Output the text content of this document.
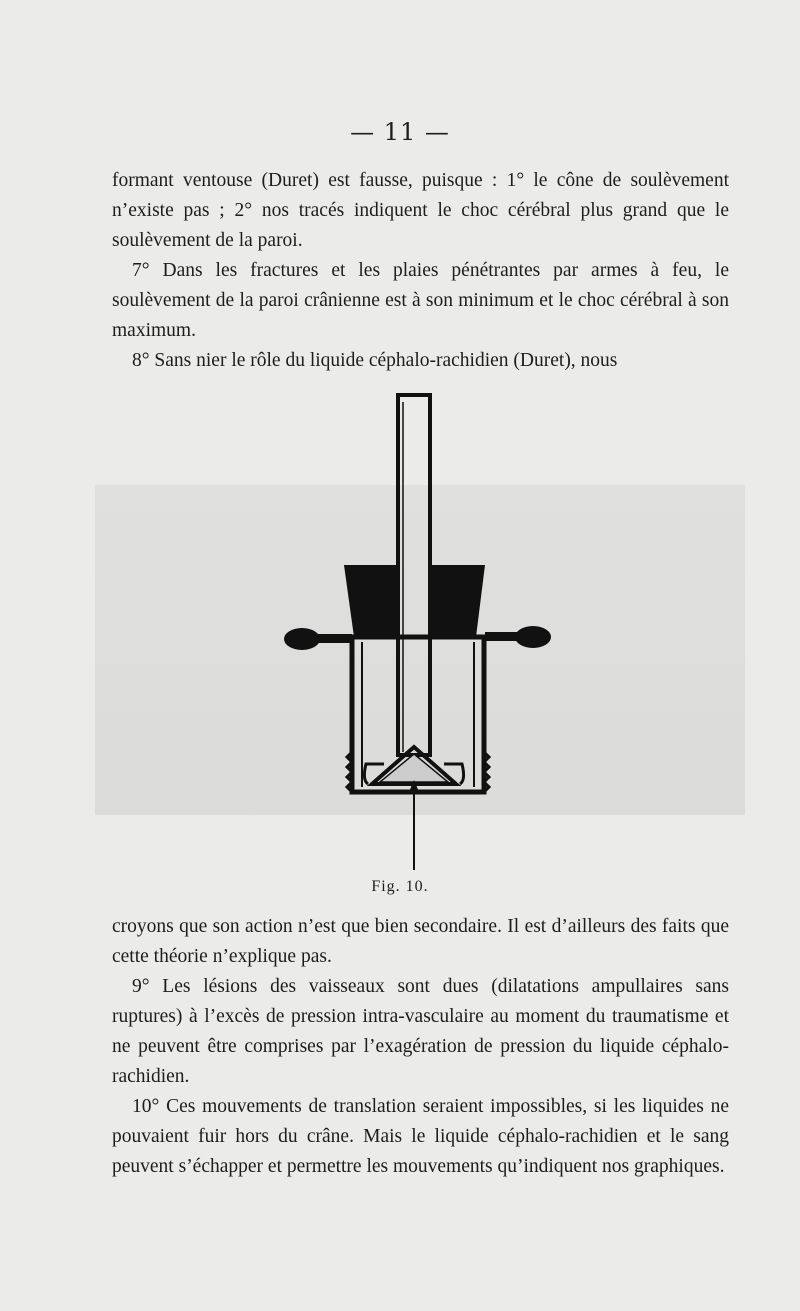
— 11 —

formant ventouse (Duret) est fausse, puisque : 1° le cône de soulèvement n’existe pas ; 2° nos tracés indiquent le choc cérébral plus grand que le soulèvement de la paroi.

7° Dans les fractures et les plaies pénétrantes par armes à feu, le soulèvement de la paroi crânienne est à son minimum et le choc cérébral à son maximum.

8° Sans nier le rôle du liquide céphalo-rachidien (Duret), nous

Fig. 10.

croyons que son action n’est que bien secondaire. Il est d’ailleurs des faits que cette théorie n’explique pas.

9° Les lésions des vaisseaux sont dues (dilatations ampullaires sans ruptures) à l’excès de pression intra-vasculaire au moment du traumatisme et ne peuvent être comprises par l’exagération de pression du liquide céphalo-rachidien.

10° Ces mouvements de translation seraient impossibles, si les liquides ne pouvaient fuir hors du crâne. Mais le liquide céphalo-rachidien et le sang peuvent s’échapper et permettre les mouvements qu’indiquent nos graphiques.
